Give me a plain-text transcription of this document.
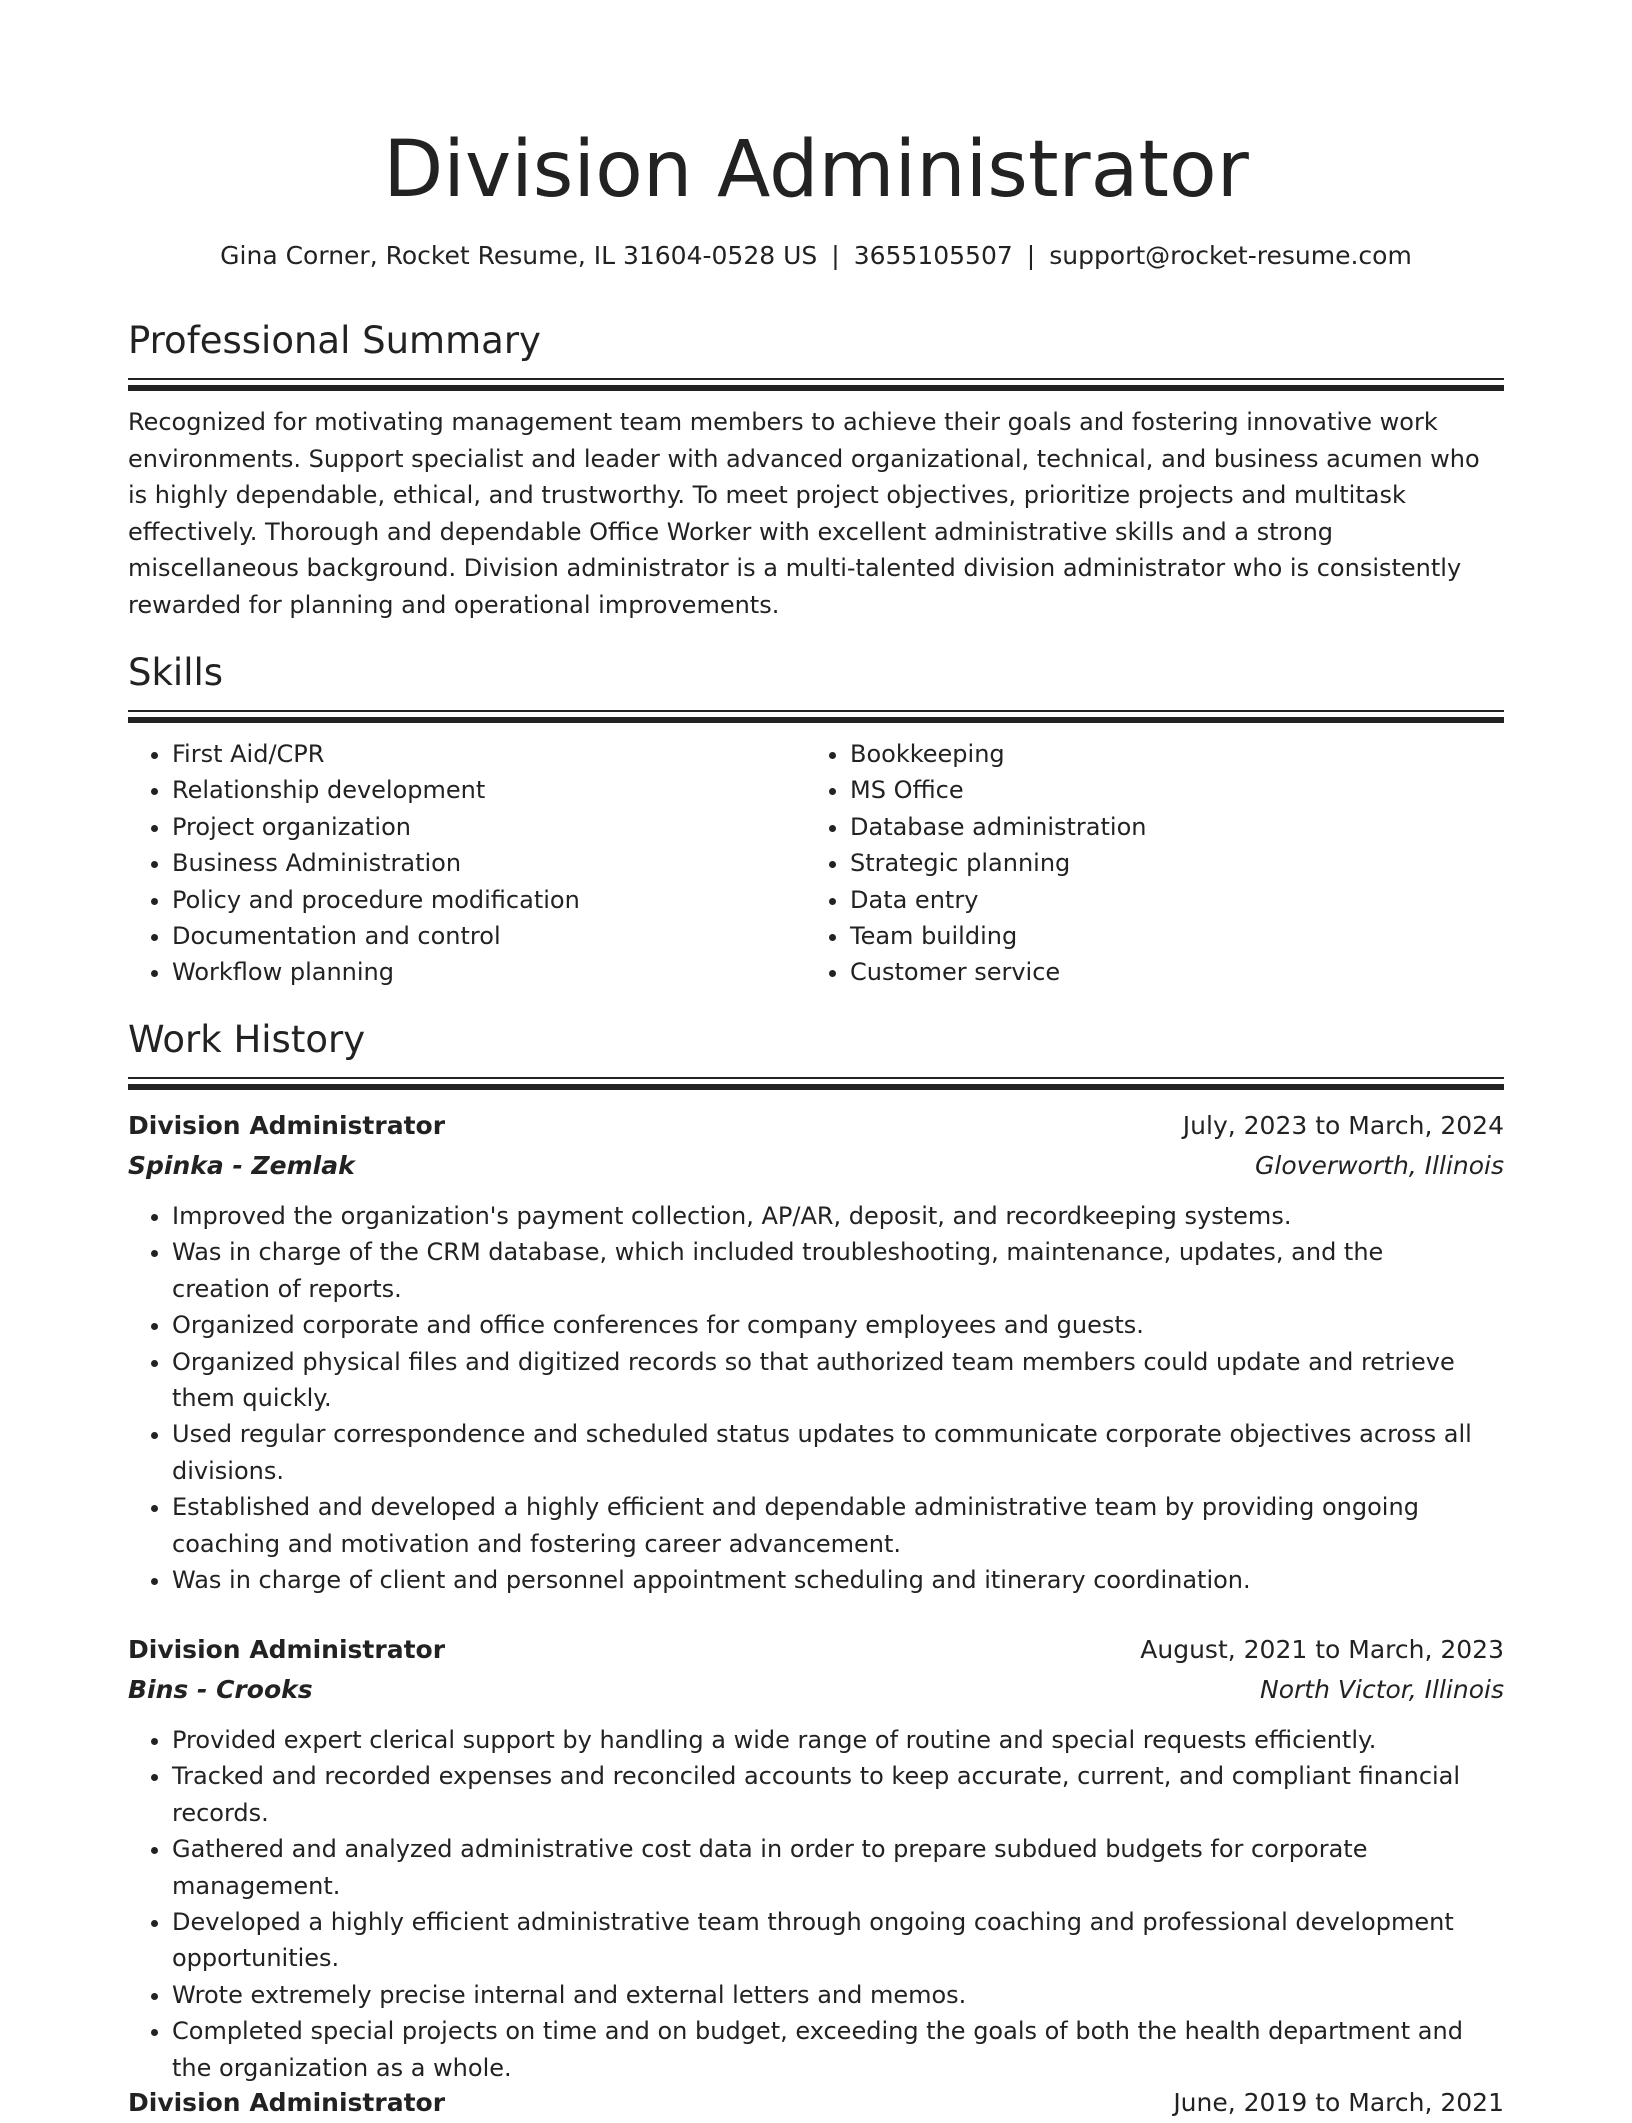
Division Administrator
Gina Corner, Rocket Resume, IL 31604-0528 US | 3655105507 | support@rocket-resume.com
Professional Summary

Recognized for motivating management team members to achieve their goals and fostering innovative work environments. Support specialist and leader with advanced organizational, technical, and business acumen who is highly dependable, ethical, and trustworthy. To meet project objectives, prioritize projects and multitask effectively. Thorough and dependable Office Worker with excellent administrative skills and a strong miscellaneous background. Division administrator is a multi-talented division administrator who is consistently rewarded for planning and operational improvements.

Skills
• First Aid/CPR
• Relationship development
• Project organization
• Business Administration
• Policy and procedure modification
• Documentation and control
• Workflow planning
• Bookkeeping
• MS Office
• Database administration
• Strategic planning
• Data entry
• Team building
• Customer service
Work History
Division Administrator	July, 2023 to March, 2024
Spinka - Zemlak	Gloverworth, Illinois
• Improved the organization's payment collection, AP/AR, deposit, and recordkeeping systems.
• Was in charge of the CRM database, which included troubleshooting, maintenance, updates, and the creation of reports.
• Organized corporate and office conferences for company employees and guests.
• Organized physical files and digitized records so that authorized team members could update and retrieve them quickly.
• Used regular correspondence and scheduled status updates to communicate corporate objectives across all divisions.
• Established and developed a highly efficient and dependable administrative team by providing ongoing coaching and motivation and fostering career advancement.
• Was in charge of client and personnel appointment scheduling and itinerary coordination.
Division Administrator	August, 2021 to March, 2023
Bins - Crooks	North Victor, Illinois
• Provided expert clerical support by handling a wide range of routine and special requests efficiently.
• Tracked and recorded expenses and reconciled accounts to keep accurate, current, and compliant financial records.
• Gathered and analyzed administrative cost data in order to prepare subdued budgets for corporate management.
• Developed a highly efficient administrative team through ongoing coaching and professional development opportunities.
• Wrote extremely precise internal and external letters and memos.
• Completed special projects on time and on budget, exceeding the goals of both the health department and the organization as a whole.
Division Administrator	June, 2019 to March, 2021
